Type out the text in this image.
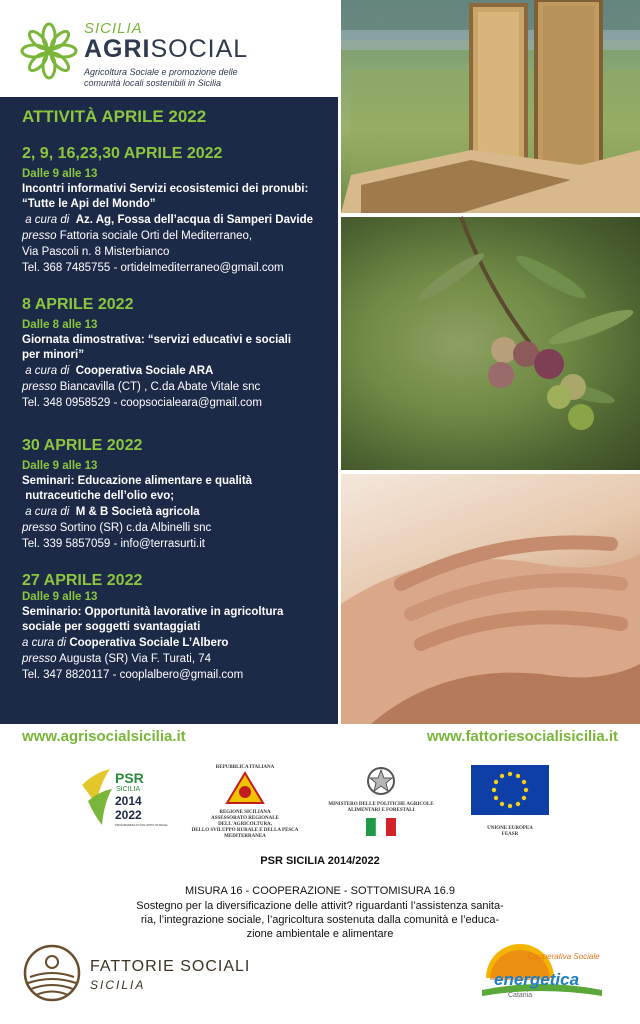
SICILIA
AGRISOCIAL
Agricoltura Sociale e promozione delle
comunità locali sostenibili in Sicilia
ATTIVITÀ APRILE 2022
2, 9, 16,23,30 APRILE 2022
Dalle 9 alle 13
Incontri informativi Servizi ecosistemici dei pronubi:
“Tutte le Api del Mondo”
a cura di Az. Ag, Fossa dell’acqua di Samperi Davide
presso Fattoria sociale Orti del Mediterraneo,
Via Pascoli n. 8 Misterbianco
Tel. 368 7485755 - ortidelmediterraneo@gmail.com
8 APRILE 2022
Dalle 8 alle 13
Giornata dimostrativa: “servizi educativi e sociali
per minori”
a cura di Cooperativa Sociale ARA
presso Biancavilla (CT) , C.da Abate Vitale snc
Tel. 348 0958529 - coopsocialeara@gmail.com
30 APRILE 2022
Dalle 9 alle 13
Seminari: Educazione alimentare e qualità
nutraceutiche dell’olio evo;
a cura di M & B Società agricola
presso Sortino (SR) c.da Albinelli snc
Tel. 339 5857059 - info@terrasurti.it
27 APRILE 2022
Dalle 9 alle 13
Seminario: Opportunità lavorative in agricoltura
sociale per soggetti svantaggiati
a cura di Cooperativa Sociale L’Albero
presso Augusta (SR) Via F. Turati, 74
Tel. 347 8820117 - cooplalbero@gmail.com
www.agrisocialsicilia.it	www.fattoriesocialisicilia.it
PSR
SICILIA
2014
2022
PROGRAMMA DI SVILUPPO RURALE
REPUBBLICA ITALIANA
REGIONE SICILIANA
ASSESSORATO REGIONALE DELL'AGRICOLTURA,
DELLO SVILUPPO RURALE E DELLA PESCA
MEDITERRANEA
MINISTERO DELLE POLITICHE AGRICOLE
ALIMENTARI E FORESTALI
UNIONE EUROPEA
FEASR
PSR SICILIA 2014/2022
MISURA 16 - COOPERAZIONE - SOTTOMISURA 16.9
Sostegno per la diversificazione delle attivit? riguardanti l’assistenza sanita-
ria, l’integrazione sociale, l’agricoltura sostenuta dalla comunità e l’educa-
zione ambientale e alimentare
FATTORIE SOCIALI
SICILIA
Cooperativa Sociale
energetica
Catania
